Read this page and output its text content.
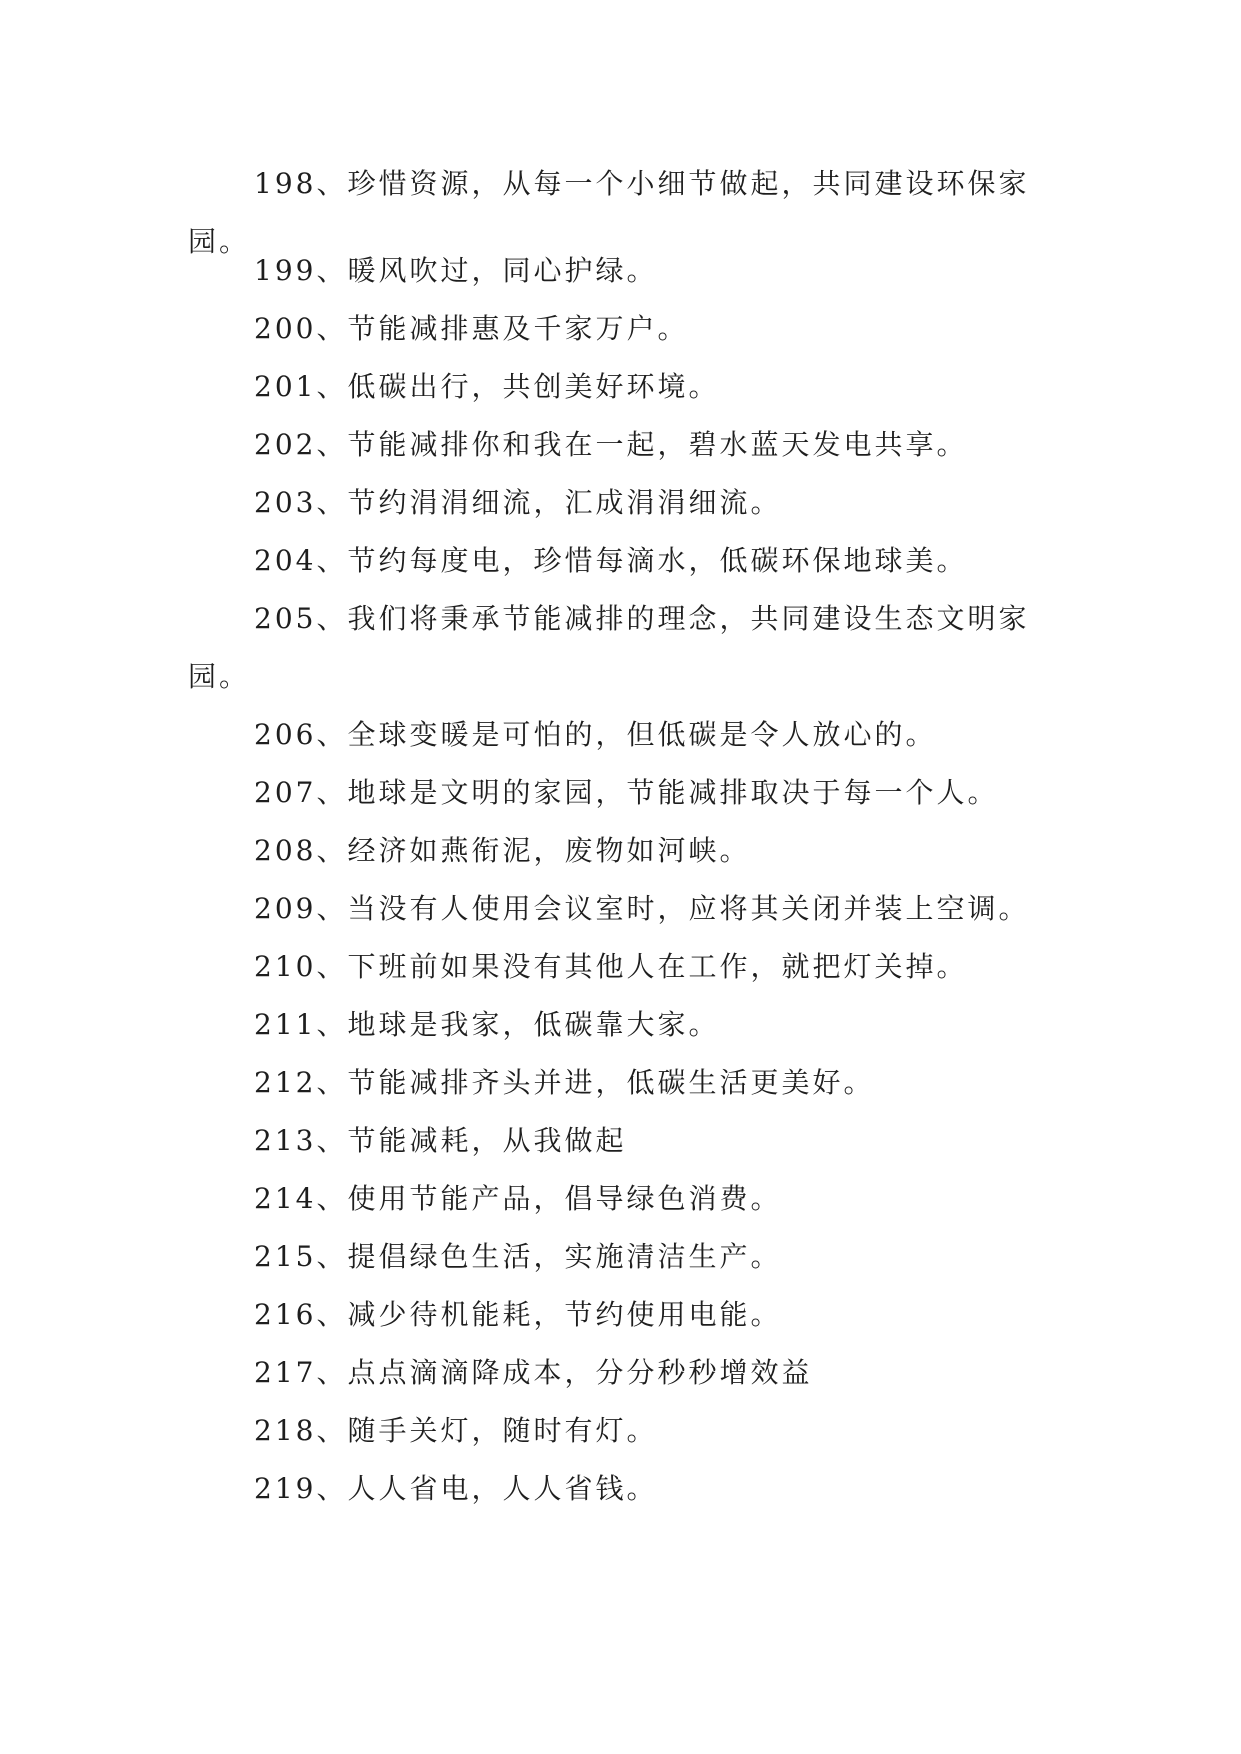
198、珍惜资源，从每一个小细节做起，共同建设环保家园。

199、暖风吹过，同心护绿。

200、节能减排惠及千家万户。

201、低碳出行，共创美好环境。

202、节能减排你和我在一起，碧水蓝天发电共享。

203、节约涓涓细流，汇成涓涓细流。

204、节约每度电，珍惜每滴水，低碳环保地球美。

205、我们将秉承节能减排的理念，共同建设生态文明家园。

206、全球变暖是可怕的，但低碳是令人放心的。

207、地球是文明的家园，节能减排取决于每一个人。

208、经济如燕衔泥，废物如河峡。

209、当没有人使用会议室时，应将其关闭并装上空调。

210、下班前如果没有其他人在工作，就把灯关掉。

211、地球是我家，低碳靠大家。

212、节能减排齐头并进，低碳生活更美好。

213、节能减耗，从我做起

214、使用节能产品，倡导绿色消费。

215、提倡绿色生活，实施清洁生产。

216、减少待机能耗，节约使用电能。

217、点点滴滴降成本，分分秒秒增效益

218、随手关灯，随时有灯。

219、人人省电，人人省钱。
